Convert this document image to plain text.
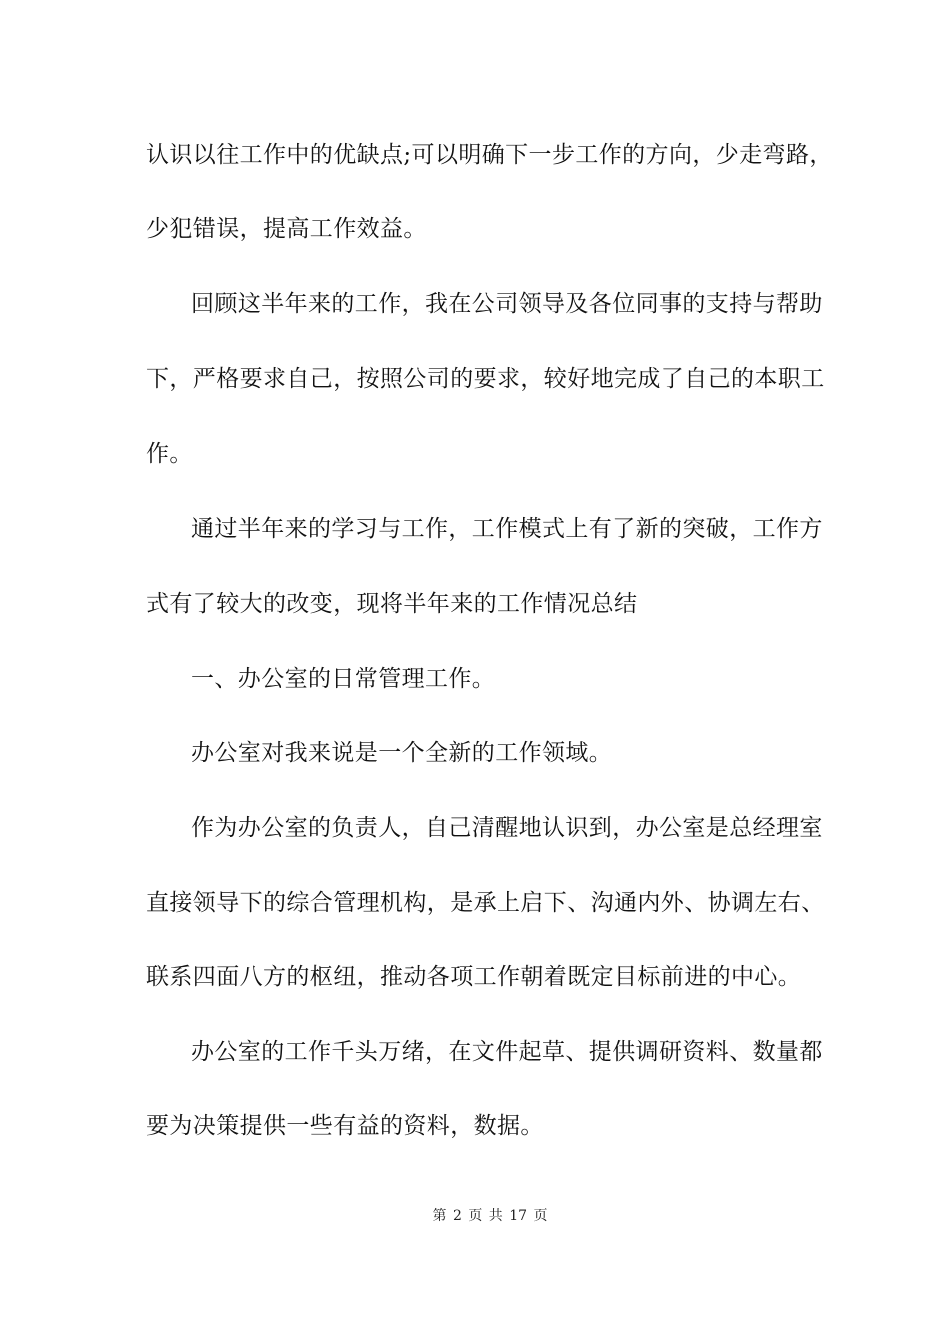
认识以往工作中的优缺点;可以明确下一步工作的方向，少走弯路，
少犯错误，提高工作效益。
回顾这半年来的工作，我在公司领导及各位同事的支持与帮助
下，严格要求自己，按照公司的要求，较好地完成了自己的本职工
作。
通过半年来的学习与工作，工作模式上有了新的突破，工作方
式有了较大的改变，现将半年来的工作情况总结
一、办公室的日常管理工作。
办公室对我来说是一个全新的工作领域。
作为办公室的负责人，自己清醒地认识到，办公室是总经理室
直接领导下的综合管理机构，是承上启下、沟通内外、协调左右、
联系四面八方的枢纽，推动各项工作朝着既定目标前进的中心。
办公室的工作千头万绪，在文件起草、提供调研资料、数量都
要为决策提供一些有益的资料，数据。
第 2 页 共 17 页
